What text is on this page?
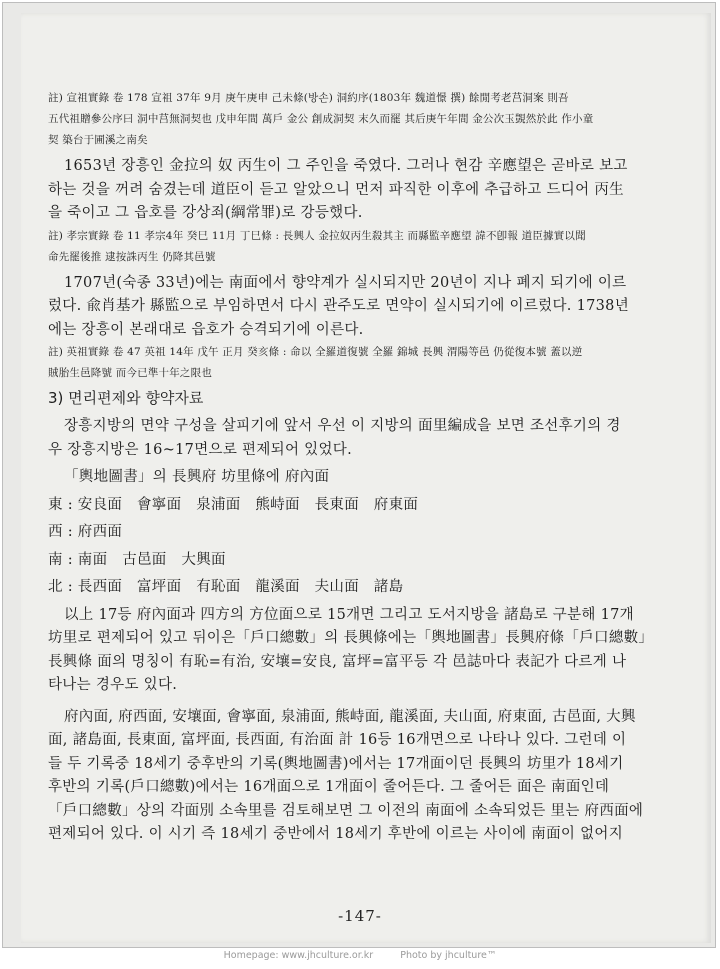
註) 宣祖實錄 卷 178 宣祖 37年 9月 庚午庚申 己未條(방손) 洞約序(1803年 魏道憬 撰) 餘閒考老莒洞案 則吾

五代祖贈參公序曰 洞中莒無洞契也 戊申年間 萬戶 金公 創成洞契 末久而罷 其后庚午年間 金公次玉覬然於此 作小童

契 築台于圃溪之南矣

1653년 장흥인 金拉의 奴 丙生이 그 주인을 죽였다. 그러나 현감 辛應望은 곧바로 보고

하는 것을 꺼려 숨겼는데 道臣이 듣고 알았으니 먼저 파직한 이후에 추급하고 드디어 丙生

을 죽이고 그 읍호를 강상죄(綱常罪)로 강등했다.

註) 孝宗實錄 卷 11 孝宗4年 癸巳 11月 丁巳條 : 長興人 金拉奴丙生殺其主 而縣監辛應望 諱不卽報 道臣據實以聞

命先罷後推 逮按誅丙生 仍降其邑號

1707년(숙종 33년)에는 南面에서 향약계가 실시되지만 20년이 지나 폐지 되기에 이르

렀다. 兪肖基가 縣監으로 부임하면서 다시 관주도로 면약이 실시되기에 이르렀다. 1738년

에는 장흥이 본래대로 읍호가 승격되기에 이른다.

註) 英祖實錄 卷 47 英祖 14年 戊午 正月 癸亥條 : 命以 全羅道復號 全羅 錦城 長興 渭陽等邑 仍從復本號 蓋以逆

賊胎生邑降號 而今已準十年之限也

3) 면리편제와 향약자료

장흥지방의 면약 구성을 살피기에 앞서 우선 이 지방의 面里編成을 보면 조선후기의 경

우 장흥지방은 16~17면으로 편제되어 있었다.

「輿地圖書」의 長興府 坊里條에 府內面

東 : 安良面　會寧面　泉浦面　熊峙面　長東面　府東面

西 : 府西面

南 : 南面　古邑面　大興面

北 : 長西面　富坪面　有恥面　龍溪面　夫山面　諸島

以上 17등 府內面과 四方의 方位面으로 15개면 그리고 도서지방을 諸島로 구분해 17개

坊里로 편제되어 있고 뒤이은「戶口總數」의 長興條에는「輿地圖書」長興府條「戶口總數」

長興條 面의 명칭이 有恥=有治, 安壤=安良, 富坪=富平등 각 邑誌마다 表記가 다르게 나

타나는 경우도 있다.

府內面, 府西面, 安壤面, 會寧面, 泉浦面, 熊峙面, 龍溪面, 夫山面, 府東面, 古邑面, 大興

面, 諸島面, 長東面, 富坪面, 長西面, 有治面 計 16등 16개면으로 나타나 있다. 그런데 이

들 두 기록중 18세기 중후반의 기록(輿地圖書)에서는 17개面이던 長興의 坊里가 18세기

후반의 기록(戶口總數)에서는 16개面으로 1개面이 줄어든다. 그 줄어든 面은 南面인데

「戶口總數」상의 각面別 소속里를 검토해보면 그 이전의 南面에 소속되었든 里는 府西面에

편제되어 있다. 이 시기 즉 18세기 중반에서 18세기 후반에 이르는 사이에 南面이 없어지

-147-
Homepage: www.jhculture.or.kr	Photo by jhculture™
